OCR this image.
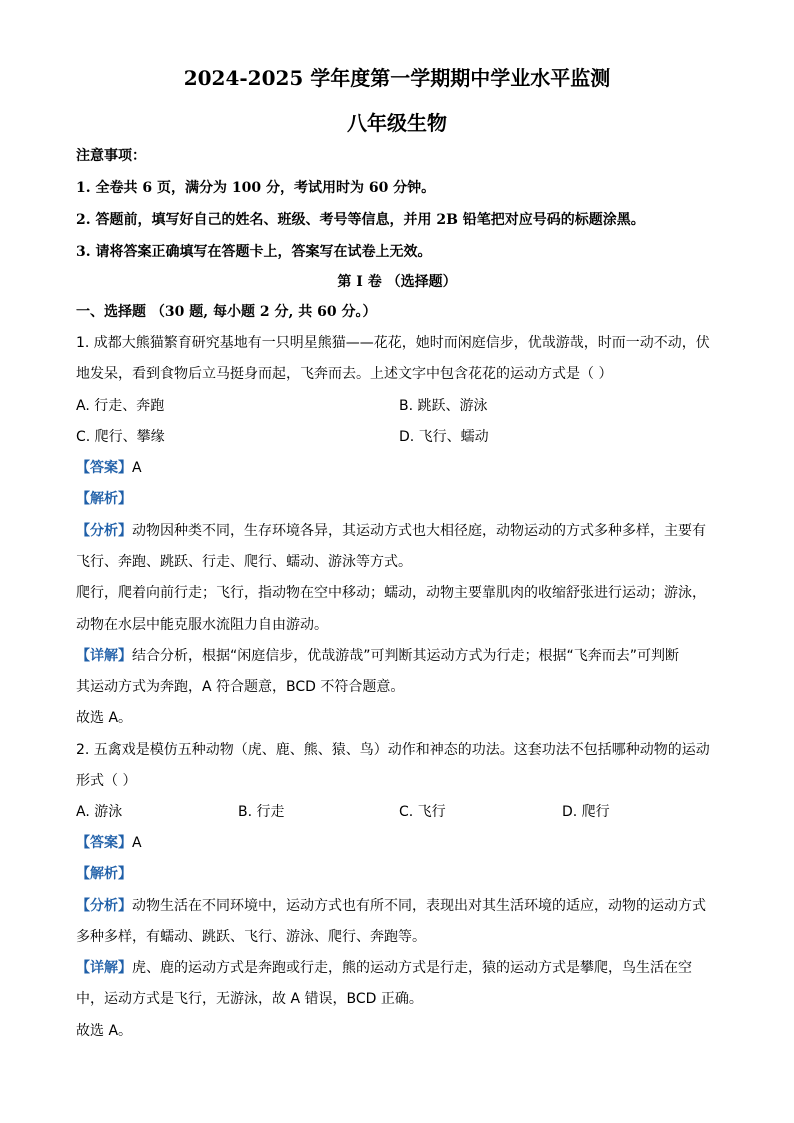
2024-2025 学年度第一学期期中学业水平监测
八年级生物
注意事项：
1. 全卷共 6 页，满分为 100 分，考试用时为 60 分钟。
2. 答题前，填写好自己的姓名、班级、考号等信息，并用 2B 铅笔把对应号码的标题涂黑。
3. 请将答案正确填写在答题卡上，答案写在试卷上无效。
第 I 卷 （选择题）
一、选择题 （30 题, 每小题 2 分, 共 60 分。）
1. 成都大熊猫繁育研究基地有一只明星熊猫——花花，她时而闲庭信步，优哉游哉，时而一动不动，伏
地发呆，看到食物后立马挺身而起，飞奔而去。上述文字中包含花花的运动方式是（ ）
A. 行走、奔跑	B. 跳跃、游泳
C. 爬行、攀缘	D. 飞行、蠕动
【答案】A
【解析】
【分析】动物因种类不同，生存环境各异，其运动方式也大相径庭，动物运动的方式多种多样，主要有
飞行、奔跑、跳跃、行走、爬行、蠕动、游泳等方式。
爬行，爬着向前行走；飞行，指动物在空中移动；蠕动，动物主要靠肌肉的收缩舒张进行运动；游泳，
动物在水层中能克服水流阻力自由游动。
【详解】结合分析，根据“闲庭信步，优哉游哉”可判断其运动方式为行走；根据“飞奔而去”可判断
其运动方式为奔跑，A 符合题意，BCD 不符合题意。
故选 A。
2. 五禽戏是模仿五种动物（虎、鹿、熊、猿、鸟）动作和神态的功法。这套功法不包括哪种动物的运动
形式（ ）
A. 游泳	B. 行走	C. 飞行	D. 爬行
【答案】A
【解析】
【分析】动物生活在不同环境中，运动方式也有所不同，表现出对其生活环境的适应，动物的运动方式
多种多样，有蠕动、跳跃、飞行、游泳、爬行、奔跑等。
【详解】虎、鹿的运动方式是奔跑或行走，熊的运动方式是行走，猿的运动方式是攀爬，鸟生活在空
中，运动方式是飞行，无游泳，故 A 错误，BCD 正确。
故选 A。
